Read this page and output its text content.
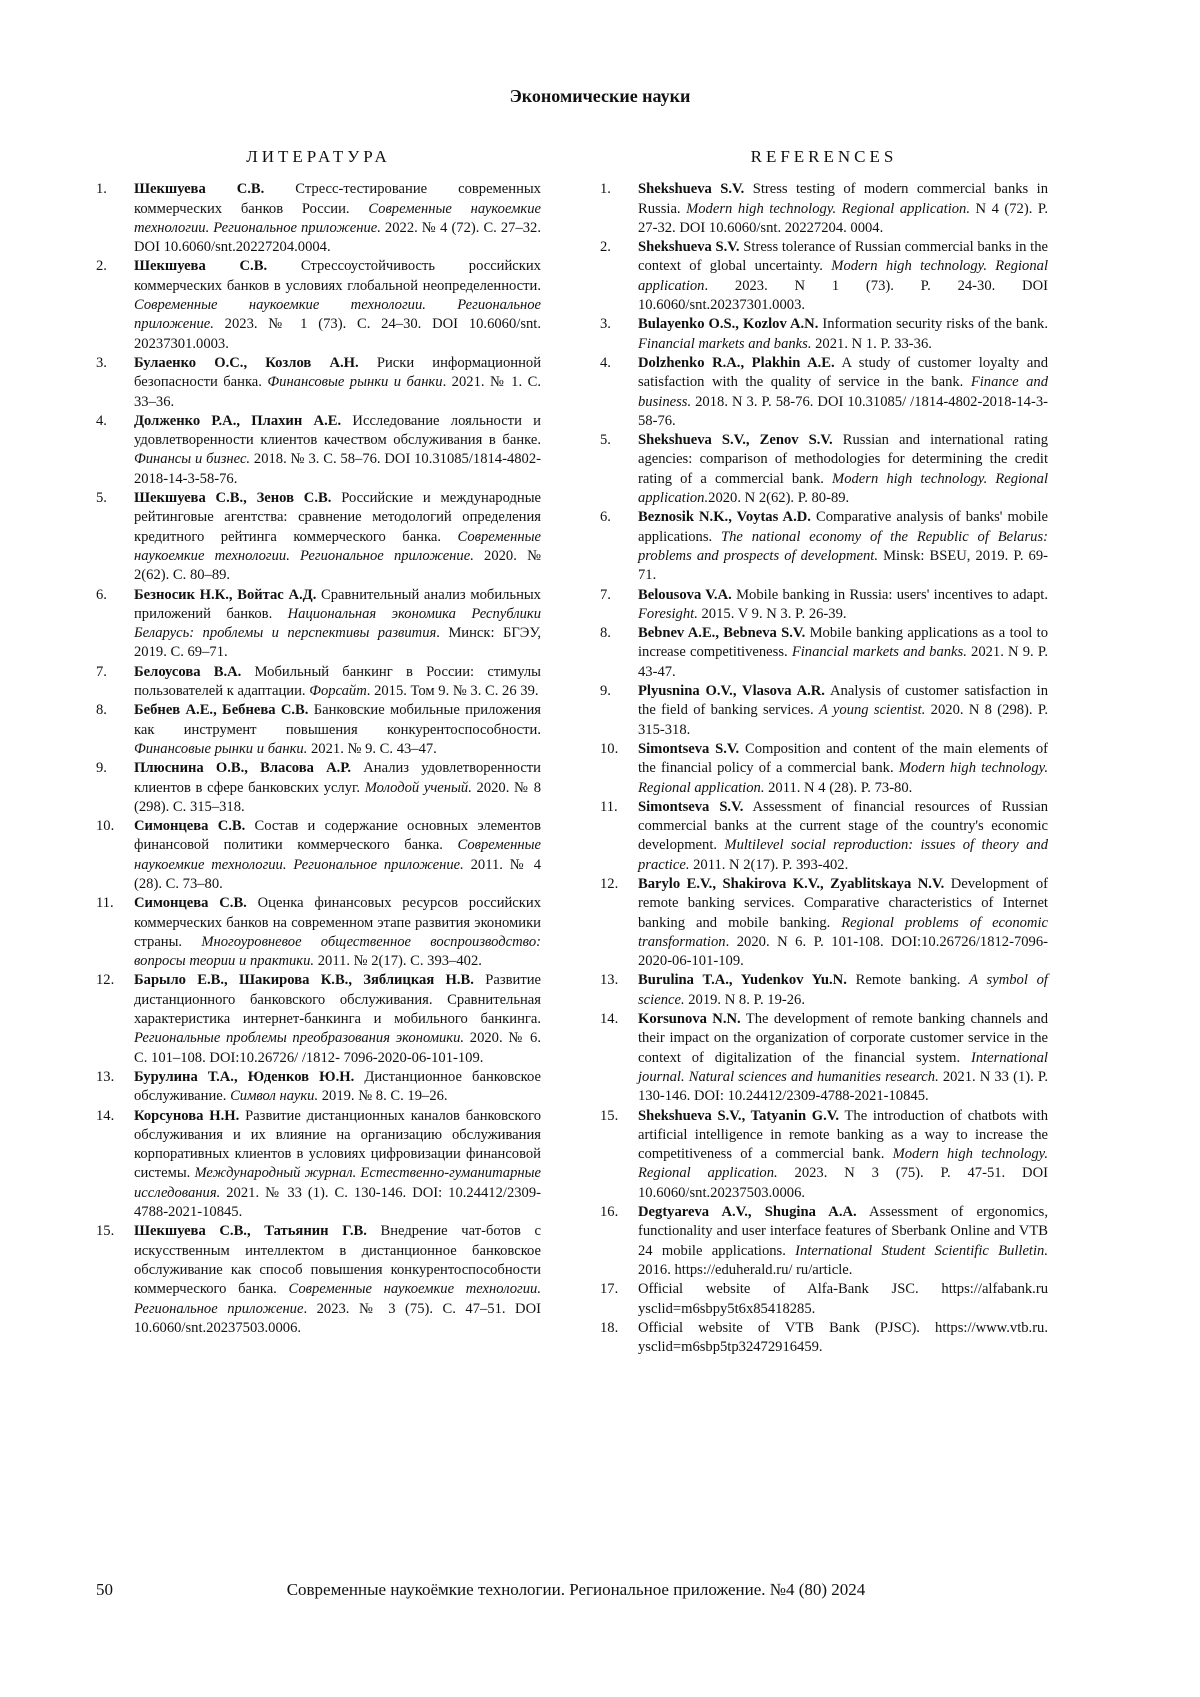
Экономические науки
ЛИТЕРАТУРА
1.	Шекшуева С.В. Стресс-тестирование современных коммерческих банков России. Современные наукоемкие технологии. Региональное приложение. 2022. № 4 (72). С. 27–32. DOI 10.6060/snt.20227204.0004.
2.	Шекшуева С.В. Стрессоустойчивость российских коммерческих банков в условиях глобальной неопределенности. Современные наукоемкие технологии. Региональное приложение. 2023. № 1 (73). С. 24–30. DOI 10.6060/snt. 20237301.0003.
3.	Булаенко О.С., Козлов А.Н. Риски информационной безопасности банка. Финансовые рынки и банки. 2021. № 1. С. 33–36.
4.	Долженко Р.А., Плахин А.Е. Исследование лояльности и удовлетворенности клиентов качеством обслуживания в банке. Финансы и бизнес. 2018. № 3. С. 58–76. DOI 10.31085/1814-4802-2018-14-3-58-76.
5.	Шекшуева С.В., Зенов С.В. Российские и международные рейтинговые агентства: сравнение методологий определения кредитного рейтинга коммерческого банка. Современные наукоемкие технологии. Региональное приложение. 2020. № 2(62). С. 80–89.
6.	Безносик Н.К., Войтас А.Д. Сравнительный анализ мобильных приложений банков. Национальная экономика Республики Беларусь: проблемы и перспективы развития. Минск: БГЭУ, 2019. С. 69–71.
7.	Белоусова В.А. Мобильный банкинг в России: стимулы пользователей к адаптации. Форсайт. 2015. Том 9. № 3. С. 26 39.
8.	Бебнев А.Е., Бебнева С.В. Банковские мобильные приложения как инструмент повышения конкурентоспособности. Финансовые рынки и банки. 2021. № 9. С. 43–47.
9.	Плюснина О.В., Власова А.Р. Анализ удовлетворенности клиентов в сфере банковских услуг. Молодой ученый. 2020. № 8 (298). С. 315–318.
10.	Симонцева С.В. Состав и содержание основных элементов финансовой политики коммерческого банка. Современные наукоемкие технологии. Региональное приложение. 2011. № 4 (28). С. 73–80.
11.	Симонцева С.В. Оценка финансовых ресурсов российских коммерческих банков на современном этапе развития экономики страны. Многоуровневое общественное воспроизводство: вопросы теории и практики. 2011. № 2(17). С. 393–402.
12.	Барыло Е.В., Шакирова К.В., Зяблицкая Н.В. Развитие дистанционного банковского обслуживания. Сравнительная характеристика интернет-банкинга и мобильного банкинга. Региональные проблемы преобразования экономики. 2020. № 6. С. 101–108. DOI:10.26726/ /1812- 7096-2020-06-101-109.
13.	Бурулина Т.А., Юденков Ю.Н. Дистанционное банковское обслуживание. Символ науки. 2019. № 8. С. 19–26.
14.	Корсунова Н.Н. Развитие дистанционных каналов банковского обслуживания и их влияние на организацию обслуживания корпоративных клиентов в условиях цифровизации финансовой системы. Международный журнал. Естественно-гуманитарные исследования. 2021. № 33 (1). С. 130-146. DOI: 10.24412/2309-4788-2021-10845.
15.	Шекшуева С.В., Татьянин Г.В. Внедрение чат-ботов с искусственным интеллектом в дистанционное банковское обслуживание как способ повышения конкурентоспособности коммерческого банка. Современные наукоемкие технологии. Региональное приложение. 2023. № 3 (75). С. 47–51. DOI 10.6060/snt.20237503.0006.
REFERENCES
1.	Shekshueva S.V. Stress testing of modern commercial banks in Russia. Modern high technology. Regional application. N 4 (72). P. 27-32. DOI 10.6060/snt. 20227204. 0004.
2.	Shekshueva S.V. Stress tolerance of Russian commercial banks in the context of global uncertainty. Modern high technology. Regional application. 2023. N 1 (73). P. 24-30. DOI 10.6060/snt.20237301.0003.
3.	Bulayenko O.S., Kozlov A.N. Information security risks of the bank. Financial markets and banks. 2021. N 1. P. 33-36.
4.	Dolzhenko R.A., Plakhin A.E. A study of customer loyalty and satisfaction with the quality of service in the bank. Finance and business. 2018. N 3. P. 58-76. DOI 10.31085/ /1814-4802-2018-14-3-58-76.
5.	Shekshueva S.V., Zenov S.V. Russian and international rating agencies: comparison of methodologies for determining the credit rating of a commercial bank. Modern high technology. Regional application.2020. N 2(62). P. 80-89.
6.	Beznosik N.K., Voytas A.D. Comparative analysis of banks' mobile applications. The national economy of the Republic of Belarus: problems and prospects of development. Minsk: BSEU, 2019. P. 69-71.
7.	Belousova V.A. Mobile banking in Russia: users' incentives to adapt. Foresight. 2015. V 9. N 3. P. 26-39.
8.	Bebnev A.E., Bebneva S.V. Mobile banking applications as a tool to increase competitiveness. Financial markets and banks. 2021. N 9. P. 43-47.
9.	Plyusnina O.V., Vlasova A.R. Analysis of customer satisfaction in the field of banking services. A young scientist. 2020. N 8 (298). P. 315-318.
10.	Simontseva S.V. Composition and content of the main elements of the financial policy of a commercial bank. Modern high technology. Regional application. 2011. N 4 (28). P. 73-80.
11.	Simontseva S.V. Assessment of financial resources of Russian commercial banks at the current stage of the country's economic development. Multilevel social reproduction: issues of theory and practice. 2011. N 2(17). P. 393-402.
12.	Barylo E.V., Shakirova K.V., Zyablitskaya N.V. Development of remote banking services. Comparative characteristics of Internet banking and mobile banking. Regional problems of economic transformation. 2020. N 6. P. 101-108. DOI:10.26726/1812-7096-2020-06-101-109.
13.	Burulina T.A., Yudenkov Yu.N. Remote banking. A symbol of science. 2019. N 8. P. 19-26.
14.	Korsunova N.N. The development of remote banking channels and their impact on the organization of corporate customer service in the context of digitalization of the financial system. International journal. Natural sciences and humanities research. 2021. N 33 (1). P. 130-146. DOI: 10.24412/2309-4788-2021-10845.
15.	Shekshueva S.V., Tatyanin G.V. The introduction of chatbots with artificial intelligence in remote banking as a way to increase the competitiveness of a commercial bank. Modern high technology. Regional application. 2023. N 3 (75). P. 47-51. DOI 10.6060/snt.20237503.0006.
16.	Degtyareva A.V., Shugina A.A. Assessment of ergonomics, functionality and user interface features of Sberbank Online and VTB 24 mobile applications. International Student Scientific Bulletin. 2016. https://eduherald.ru/ ru/article.
17.	Official website of Alfa-Bank JSC. https://alfabank.ru ysclid=m6sbpy5t6x85418285.
18.	Official website of VTB Bank (PJSC). https://www.vtb.ru. ysclid=m6sbp5tp32472916459.
50	Современные наукоёмкие технологии. Региональное приложение. №4 (80) 2024
